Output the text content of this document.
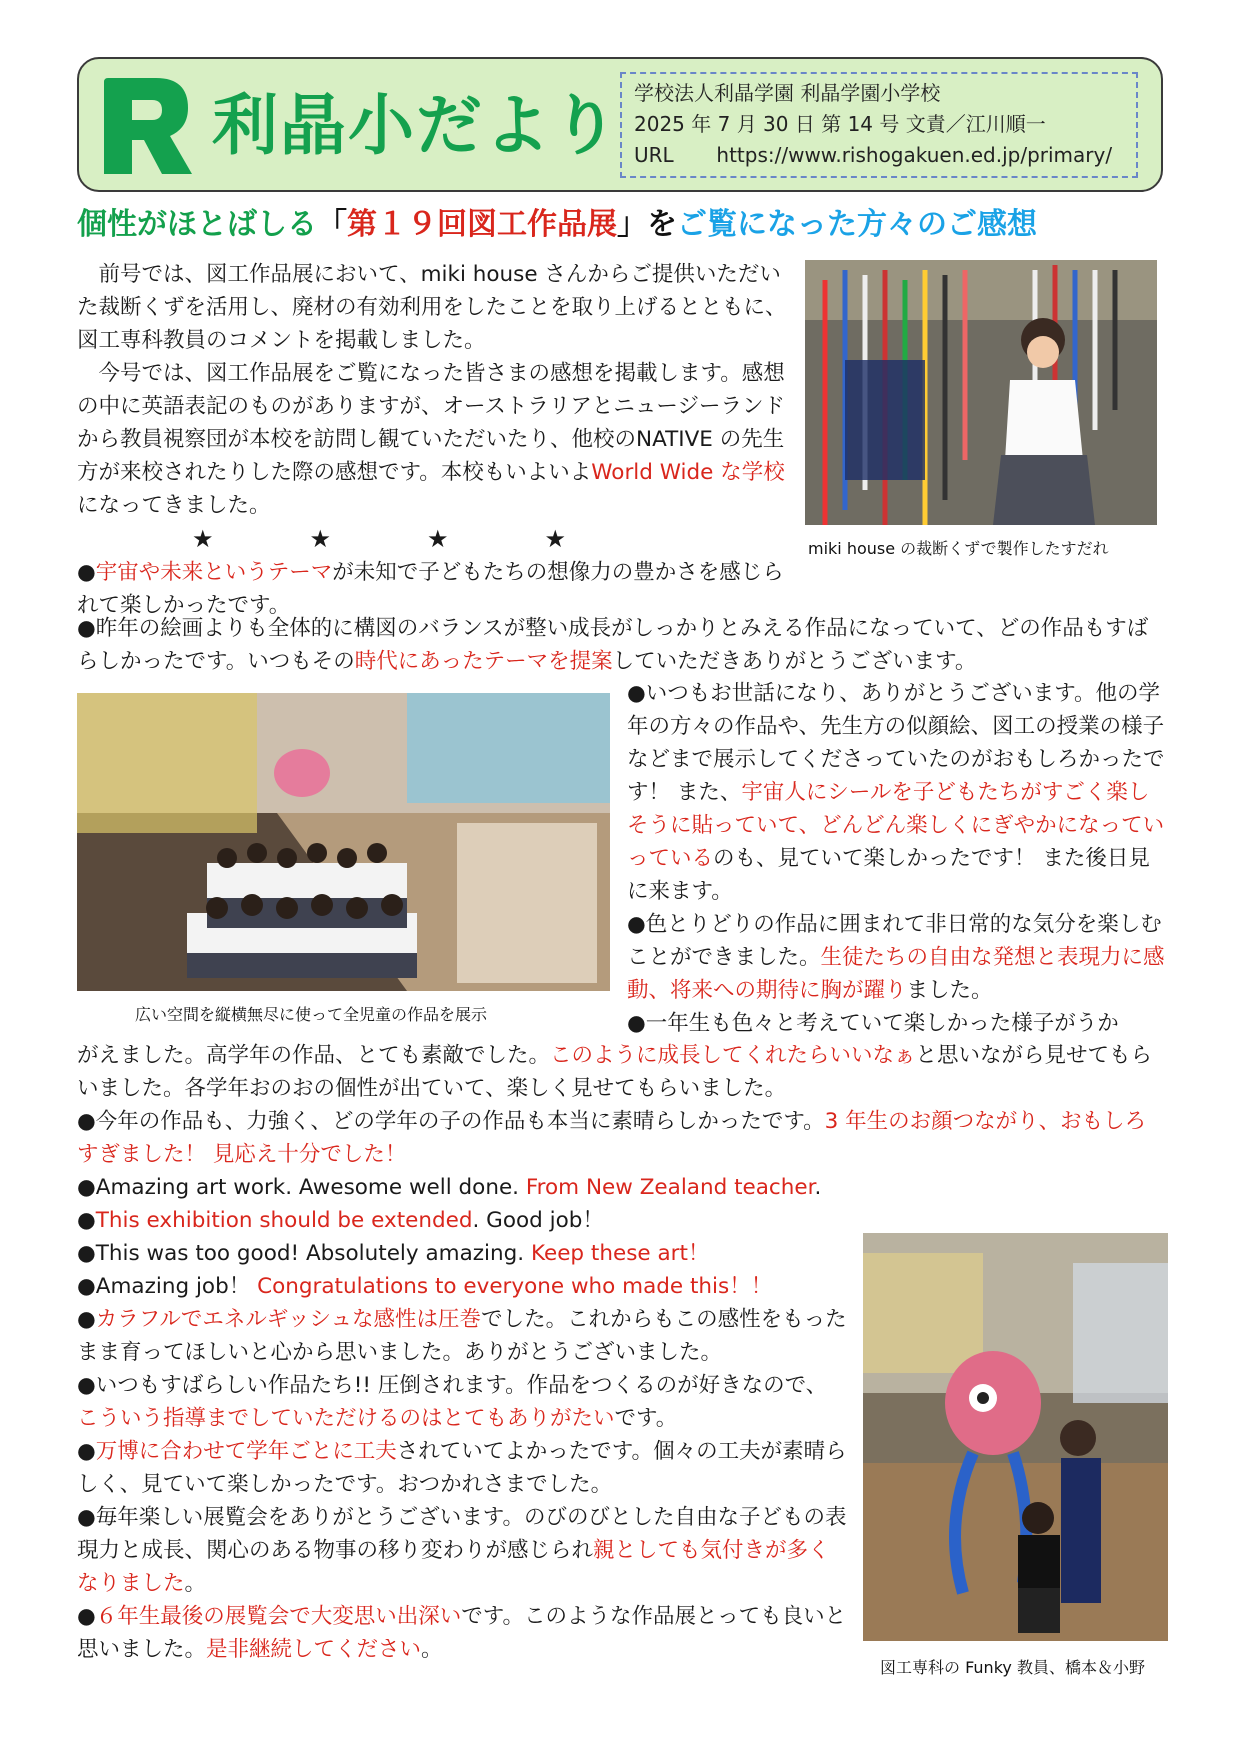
利晶小だより 学校法人利晶学園 利晶学園小学校
2025 年 7 月 30 日 第 14 号 文責／江川順一
URL https://www.rishogakuen.ed.jp/primary/
個性がほとばしる「第１９回図工作品展」をご覧になった方々のご感想

　前号では、図工作品展において、miki house さんからご提供いただいた裁断くずを活用し、廃材の有効利用をしたことを取り上げるとともに、図工専科教員のコメントを掲載しました。

　今号では、図工作品展をご覧になった皆さまの感想を掲載します。感想の中に英語表記のものがありますが、オーストラリアとニュージーランドから教員視察団が本校を訪問し観ていただいたり、他校のNATIVE の先生方が来校されたりした際の感想です。本校もいよいよWorld Wide な学校になってきました。

★　　　　★　　　　★　　　　★

●宇宙や未来というテーマが未知で子どもたちの想像力の豊かさを感じられて楽しかったです。

miki house の裁断くずで製作したすだれ

●昨年の絵画よりも全体的に構図のバランスが整い成長がしっかりとみえる作品になっていて、どの作品もすばらしかったです。いつもその時代にあったテーマを提案していただきありがとうございます。

広い空間を縦横無尽に使って全児童の作品を展示

●いつもお世話になり、ありがとうございます。他の学年の方々の作品や、先生方の似顔絵、図工の授業の様子などまで展示してくださっていたのがおもしろかったです！ また、宇宙人にシールを子どもたちがすごく楽しそうに貼っていて、どんどん楽しくにぎやかになっていっているのも、見ていて楽しかったです！ また後日見に来ます。

●色とりどりの作品に囲まれて非日常的な気分を楽しむことができました。生徒たちの自由な発想と表現力に感動、将来への期待に胸が躍りました。

●一年生も色々と考えていて楽しかった様子がうか

がえました。高学年の作品、とても素敵でした。このように成長してくれたらいいなぁと思いながら見せてもらいました。各学年おのおの個性が出ていて、楽しく見せてもらいました。

●今年の作品も、力強く、どの学年の子の作品も本当に素晴らしかったです。3 年生のお顔つながり、おもしろすぎました！ 見応え十分でした！

●Amazing art work. Awesome well done. From New Zealand teacher.

●This exhibition should be extended. Good job！

●This was too good! Absolutely amazing. Keep these art！

●Amazing job！ Congratulations to everyone who made this！！

●カラフルでエネルギッシュな感性は圧巻でした。これからもこの感性をもったまま育ってほしいと心から思いました。ありがとうございました。

●いつもすばらしい作品たち!! 圧倒されます。作品をつくるのが好きなので、こういう指導までしていただけるのはとてもありがたいです。

●万博に合わせて学年ごとに工夫されていてよかったです。個々の工夫が素晴らしく、見ていて楽しかったです。おつかれさまでした。

●毎年楽しい展覧会をありがとうございます。のびのびとした自由な子どもの表現力と成長、関心のある物事の移り変わりが感じられ親としても気付きが多くなりました。

●６年生最後の展覧会で大変思い出深いです。このような作品展とっても良いと思いました。是非継続してください。

図工専科の Funky 教員、橋本＆小野
